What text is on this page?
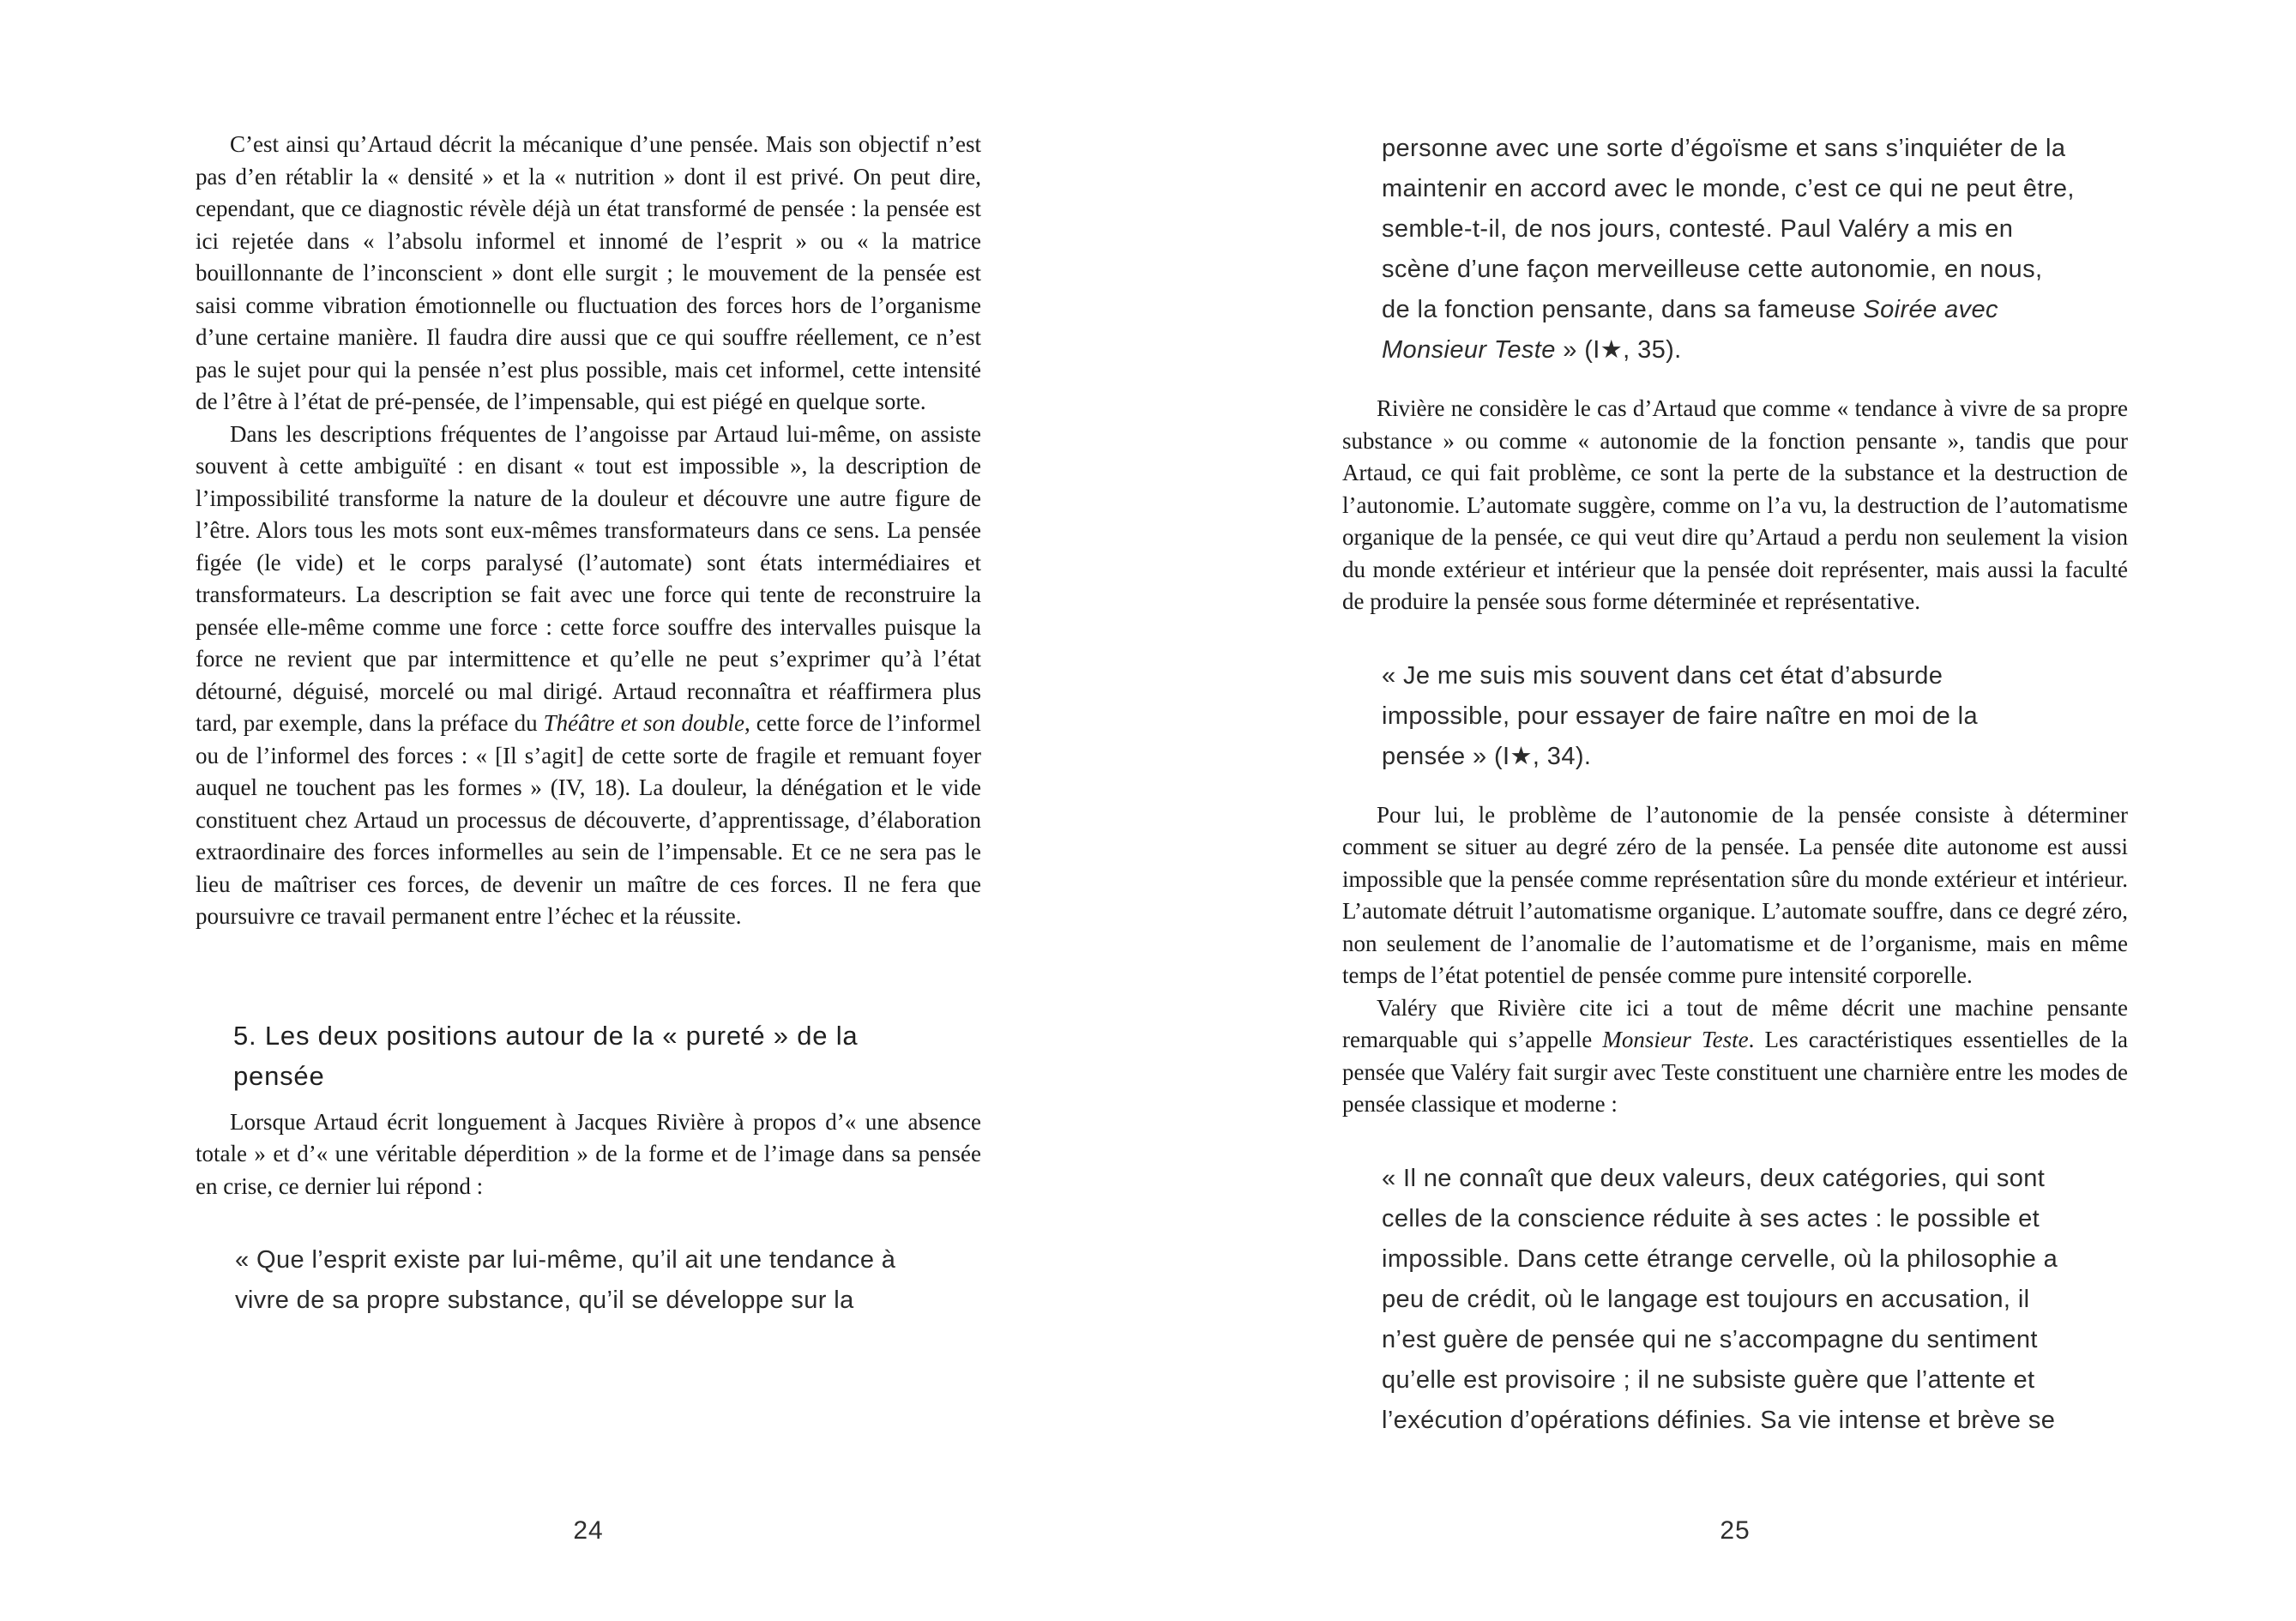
C’est ainsi qu’Artaud décrit la mécanique d’une pensée. Mais son objectif n’est pas d’en rétablir la « densité » et la « nutrition » dont il est privé. On peut dire, cependant, que ce diagnostic révèle déjà un état transformé de pensée : la pensée est ici rejetée dans « l’absolu informel et innomé de l’esprit » ou « la matrice bouillonnante de l’inconscient » dont elle surgit ; le mouvement de la pensée est saisi comme vibration émotionnelle ou fluctuation des forces hors de l’organisme d’une certaine manière. Il faudra dire aussi que ce qui souffre réellement, ce n’est pas le sujet pour qui la pensée n’est plus possible, mais cet informel, cette intensité de l’être à l’état de pré-pensée, de l’impensable, qui est piégé en quelque sorte.

Dans les descriptions fréquentes de l’angoisse par Artaud lui-même, on assiste souvent à cette ambiguïté : en disant « tout est impossible », la description de l’impossibilité transforme la nature de la douleur et découvre une autre figure de l’être. Alors tous les mots sont eux-mêmes transformateurs dans ce sens. La pensée figée (le vide) et le corps paralysé (l’automate) sont états intermédiaires et transformateurs. La description se fait avec une force qui tente de reconstruire la pensée elle-même comme une force : cette force souffre des intervalles puisque la force ne revient que par intermittence et qu’elle ne peut s’exprimer qu’à l’état détourné, déguisé, morcelé ou mal dirigé. Artaud reconnaîtra et réaffirmera plus tard, par exemple, dans la préface du Théâtre et son double, cette force de l’informel ou de l’informel des forces : « [Il s’agit] de cette sorte de fragile et remuant foyer auquel ne touchent pas les formes » (IV, 18). La douleur, la dénégation et le vide constituent chez Artaud un processus de découverte, d’apprentissage, d’élaboration extraordinaire des forces informelles au sein de l’impensable. Et ce ne sera pas le lieu de maîtriser ces forces, de devenir un maître de ces forces. Il ne fera que poursuivre ce travail permanent entre l’échec et la réussite.

5. Les deux positions autour de la « pureté » de la pensée

Lorsque Artaud écrit longuement à Jacques Rivière à propos d’« une absence totale » et d’« une véritable déperdition » de la forme et de l’image dans sa pensée en crise, ce dernier lui répond :

« Que l’esprit existe par lui-même, qu’il ait une tendance à vivre de sa propre substance, qu’il se développe sur la
24
personne avec une sorte d’égoïsme et sans s’inquiéter de la maintenir en accord avec le monde, c’est ce qui ne peut être, semble-t-il, de nos jours, contesté. Paul Valéry a mis en scène d’une façon merveilleuse cette autonomie, en nous, de la fonction pensante, dans sa fameuse Soirée avec Monsieur Teste » (I★, 35).

Rivière ne considère le cas d’Artaud que comme « tendance à vivre de sa propre substance » ou comme « autonomie de la fonction pensante », tandis que pour Artaud, ce qui fait problème, ce sont la perte de la substance et la destruction de l’autonomie. L’automate suggère, comme on l’a vu, la destruction de l’automatisme organique de la pensée, ce qui veut dire qu’Artaud a perdu non seulement la vision du monde extérieur et intérieur que la pensée doit représenter, mais aussi la faculté de produire la pensée sous forme déterminée et représentative.

« Je me suis mis souvent dans cet état d’absurde impossible, pour essayer de faire naître en moi de la pensée » (I★, 34).

Pour lui, le problème de l’autonomie de la pensée consiste à déterminer comment se situer au degré zéro de la pensée. La pensée dite autonome est aussi impossible que la pensée comme représentation sûre du monde extérieur et intérieur. L’automate détruit l’automatisme organique. L’automate souffre, dans ce degré zéro, non seulement de l’anomalie de l’automatisme et de l’organisme, mais en même temps de l’état potentiel de pensée comme pure intensité corporelle.

Valéry que Rivière cite ici a tout de même décrit une machine pensante remarquable qui s’appelle Monsieur Teste. Les caractéristiques essentielles de la pensée que Valéry fait surgir avec Teste constituent une charnière entre les modes de pensée classique et moderne :

« Il ne connaît que deux valeurs, deux catégories, qui sont celles de la conscience réduite à ses actes : le possible et impossible. Dans cette étrange cervelle, où la philosophie a peu de crédit, où le langage est toujours en accusation, il n’est guère de pensée qui ne s’accompagne du sentiment qu’elle est provisoire ; il ne subsiste guère que l’attente et l’exécution d’opérations définies. Sa vie intense et brève se
25
